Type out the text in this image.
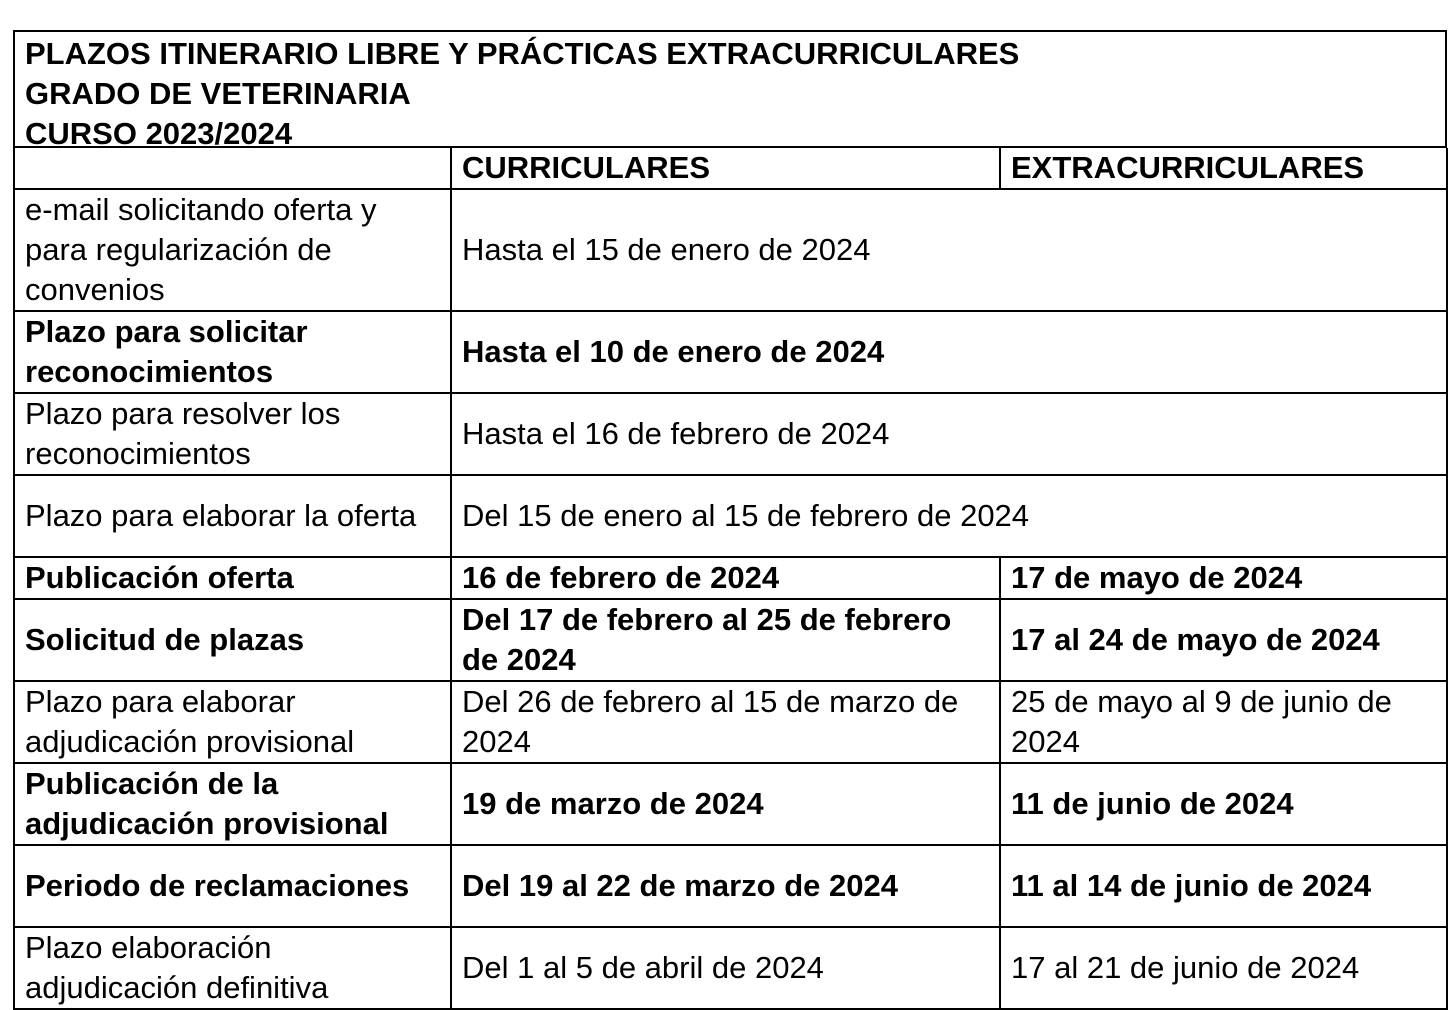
PLAZOS ITINERARIO LIBRE Y PRÁCTICAS EXTRACURRICULARES
GRADO DE VETERINARIA
CURSO 2023/2024
	CURRICULARES	EXTRACURRICULARES
e-mail solicitando oferta y para regularización de convenios	Hasta el 15 de enero de 2024	
Plazo para solicitar reconocimientos	Hasta el 10 de enero de 2024	
Plazo para resolver los reconocimientos	Hasta el 16 de febrero de 2024	
Plazo para elaborar la oferta	Del 15 de enero al 15 de febrero de 2024	
Publicación oferta	16 de febrero de 2024	17 de mayo de 2024
Solicitud de plazas	Del 17 de febrero al 25 de febrero de 2024	17 al 24 de mayo de 2024
Plazo para elaborar adjudicación provisional	Del 26 de febrero al 15 de marzo de 2024	25 de mayo al 9 de junio de 2024
Publicación de la adjudicación provisional	19 de marzo de 2024	11 de junio de 2024
Periodo de reclamaciones	Del 19 al 22 de marzo de 2024	11 al 14 de junio de 2024
Plazo elaboración adjudicación definitiva	Del 1 al 5 de abril de 2024	17 al 21 de junio de 2024
